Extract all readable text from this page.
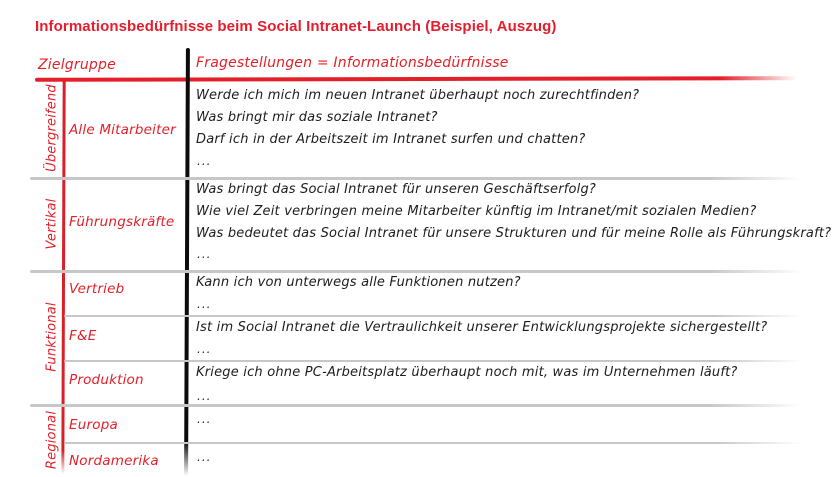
Informationsbedürfnisse beim Social Intranet-Launch (Beispiel, Auszug)
Zielgruppe	Fragestellungen = Informationsbedürfnisse
Übergreifend
Vertikal
Funktional
Regional
Alle Mitarbeiter
Führungskräfte
Vertrieb
F&E
Produktion
Europa
Nordamerika
Werde ich mich im neuen Intranet überhaupt noch zurechtfinden?
Was bringt mir das soziale Intranet?
Darf ich in der Arbeitszeit im Intranet surfen und chatten?
...
Was bringt das Social Intranet für unseren Geschäftserfolg?
Wie viel Zeit verbringen meine Mitarbeiter künftig im Intranet/mit sozialen Medien?
Was bedeutet das Social Intranet für unsere Strukturen und für meine Rolle als Führungskraft?
...
Kann ich von unterwegs alle Funktionen nutzen?
...
Ist im Social Intranet die Vertraulichkeit unserer Entwicklungsprojekte sichergestellt?
...
Kriege ich ohne PC-Arbeitsplatz überhaupt noch mit, was im Unternehmen läuft?
...
...
...
